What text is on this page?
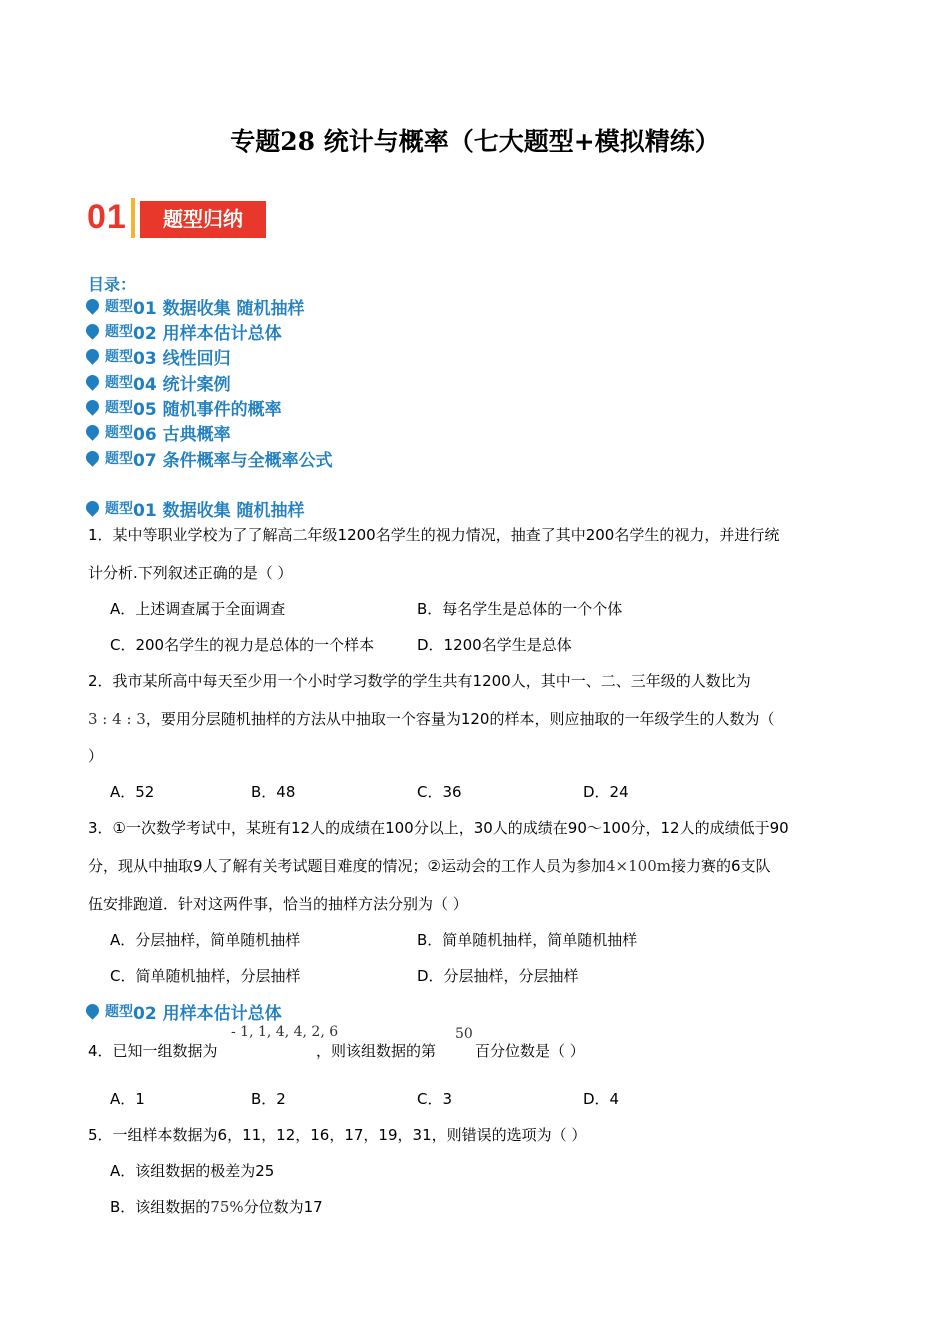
专题28 统计与概率（七大题型+模拟精练）
01	题型归纳
目录：
题型01 数据收集 随机抽样
题型02 用样本估计总体
题型03 线性回归
题型04 统计案例
题型05 随机事件的概率
题型06 古典概率
题型07 条件概率与全概率公式
题型01 数据收集 随机抽样
1．某中等职业学校为了了解高二年级1200名学生的视力情况，抽查了其中200名学生的视力，并进行统
计分析.下列叙述正确的是（ ）
A．上述调查属于全面调查	B．每名学生是总体的一个个体
C．200名学生的视力是总体的一个样本	D．1200名学生是总体
2．我市某所高中每天至少用一个小时学习数学的学生共有1200人，其中一、二、三年级的人数比为
3 : 4 : 3，要用分层随机抽样的方法从中抽取一个容量为120的样本，则应抽取的一年级学生的人数为（
）
A．52	B．48	C．36	D．24
3．①一次数学考试中，某班有12人的成绩在100分以上，30人的成绩在90～100分，12人的成绩低于90
分，现从中抽取9人了解有关考试题目难度的情况；②运动会的工作人员为参加4×100m接力赛的6支队
伍安排跑道．针对这两件事，恰当的抽样方法分别为（ ）
A．分层抽样，简单随机抽样	B．简单随机抽样，简单随机抽样
C．简单随机抽样，分层抽样	D．分层抽样，分层抽样
题型02 用样本估计总体
4．已知一组数据为
- 1, 1, 4, 4, 2, 6
，则该组数据的第
50
百分位数是（ ）
A．1	B．2	C．3	D．4
5．一组样本数据为6，11，12，16，17，19，31，则错误的选项为（ ）
A．该组数据的极差为25
B．该组数据的75%分位数为17
